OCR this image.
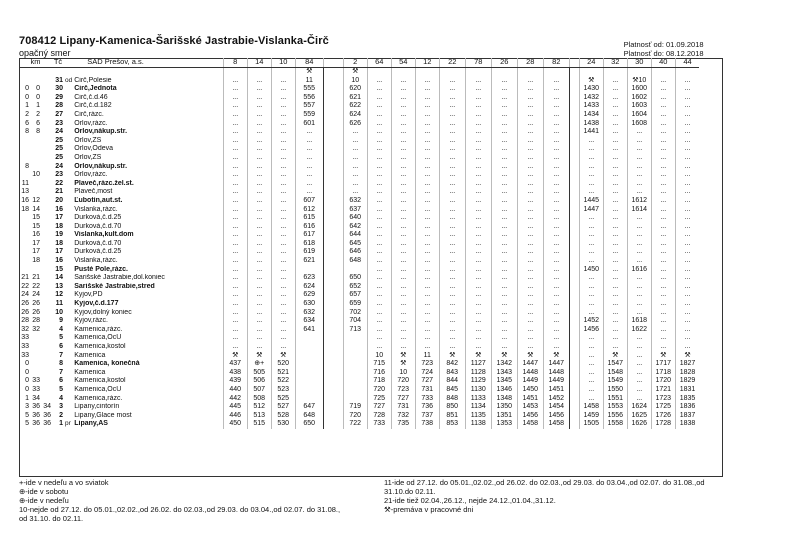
708412 Lipany-Kamenica-Šarišské Jastrabie-Vislanka-Čirč
opačný smer
Platnosť od: 01.09.2018
Platnosť do: 08.12.2018
km			Tč		SAD Prešov, a.s.	8	14	10	84		2	64	54	12	22	78	26	28	82		24	32	30	40	44
									⚒		⚒														
			31	od	Čirč,Polesie	...	...	...	11		10	...	...	...	...	...	...	...	...		⚒	...	⚒10	...	...
0	0		30		Čirč,Jednota	...	...	...	555		620	...	...	...	...	...	...	...	...		1430	...	1600	...	...
0	0		29		Čirč,č.d.46	...	...	...	556		621	...	...	...	...	...	...	...	...		1432	...	1602	...	...
1	1		28		Čirč,č.d.182	...	...	...	557		622	...	...	...	...	...	...	...	...		1433	...	1603	...	...
2	2		27		Čirč,rázc.	...	...	...	559		624	...	...	...	...	...	...	...	...		1434	...	1604	...	...
6	6		23		Orlov,rázc.	...	...	...	601		626	...	...	...	...	...	...	...	...		1438	...	1608	...	...
8	8		24		Orlov,nákup.str.	...	...	...	...		...	...	...	...	...	...	...	...	...		1441	...	...	...	...
			25		Orlov,ZŠ	...	...	...	...		...	...	...	...	...	...	...	...	...		...	...	...	...	...
			25		Orlov,Odeva	...	...	...	...		...	...	...	...	...	...	...	...	...		...	...	...	...	...
			25		Orlov,ZŠ	...	...	...	...		...	...	...	...	...	...	...	...	...		...	...	...	...	...
8			24		Orlov,nákup.str.	...	...	...	...		...	...	...	...	...	...	...	...	...		...	...	...	...	...
	10		23		Orlov,rázc.	...	...	...	...		...	...	...	...	...	...	...	...	...		...	...	...	...	...
11			22		Plaveč,rázc.žel.st.	...	...	...	...		...	...	...	...	...	...	...	...	...		...	...	...	...	...
13			21		Plaveč,most	...	...	...	...		...	...	...	...	...	...	...	...	...		...	...	...	...	...
16	12		20		Ľubotín,aut.st.	...	...	...	607		632	...	...	...	...	...	...	...	...		1445	...	1612	...	...
18	14		16		Vislanka,rázc.	...	...	...	612		637	...	...	...	...	...	...	...	...		1447	...	1614	...	...
	15		17		Ďurková,č.d.25	...	...	...	615		640	...	...	...	...	...	...	...	...		...	...	...	...	...
	15		18		Ďurková,č.d.70	...	...	...	616		642	...	...	...	...	...	...	...	...		...	...	...	...	...
	16		19		Vislanka,kult.dom	...	...	...	617		644	...	...	...	...	...	...	...	...		...	...	...	...	...
	17		18		Ďurková,č.d.70	...	...	...	618		645	...	...	...	...	...	...	...	...		...	...	...	...	...
	17		17		Ďurková,č.d.25	...	...	...	619		646	...	...	...	...	...	...	...	...		...	...	...	...	...
	18		16		Vislanka,rázc.	...	...	...	621		648	...	...	...	...	...	...	...	...		...	...	...	...	...
			15		Pusté Pole,rázc.	...	...	...				...	...	...	...	...	...	...	...		1450	...	1616	...	...
21	21		14		Šarišské Jastrabie,dol.koniec	...	...	...	623		650	...	...	...	...	...	...	...	...		...	...	...	...	...
22	22		13		Šarišské Jastrabie,stred	...	...	...	624		652	...	...	...	...	...	...	...	...		...	...	...	...	...
24	24		12		Kyjov,PD	...	...	...	629		657	...	...	...	...	...	...	...	...		...	...	...	...	...
26	26		11		Kyjov,č.d.177	...	...	...	630		659	...	...	...	...	...	...	...	...		...	...	...	...	...
26	26		10		Kyjov,dolný koniec	...	...	...	632		702	...	...	...	...	...	...	...	...		...	...	...	...	...
28	28		9		Kyjov,rázc.	...	...	...	634		704	...	...	...	...	...	...	...	...		1452	...	1618	...	...
32	32		4		Kamenica,rázc.	...	...	...	641		713	...	...	...	...	...	...	...	...		1456	...	1622	...	...
33			5		Kamenica,OcÚ	...	...	...				...	...	...	...	...	...	...	...		...	...	...	...	...
33			6		Kamenica,kostol	...	...	...				...	...	...	...	...	...	...	...		...	...	...	...	...
33			7		Kamenica	⚒	⚒	⚒				10	⚒	11	⚒	⚒	⚒	⚒	⚒		...	⚒	...	⚒	⚒
0			8		Kamenica, konečná	437	⊕+	520				715	⚒	723	842	1127	1342	1447	1447		...	1547	...	1717	1827
0			7		Kamenica	438	505	521				716	10	724	843	1128	1343	1448	1448		...	1548	...	1718	1828
0	33		6		Kamenica,kostol	439	506	522				718	720	727	844	1129	1345	1449	1449		...	1549	...	1720	1829
0	33		5		Kamenica,OcÚ	440	507	523				720	723	731	845	1130	1346	1450	1451		...	1550	...	1721	1831
1	34		4		Kamenica,rázc.	442	508	525				725	727	733	848	1133	1348	1451	1452		...	1551	...	1723	1835
3	36	34	3		Lipany,cintorín	445	512	527	647		719	727	731	736	850	1134	1350	1453	1454		1458	1553	1624	1725	1836
5	36	36	2		Lipany,Glace most	446	513	528	648		720	728	732	737	851	1135	1351	1456	1456		1459	1556	1625	1726	1837
5	36	36	1	pr	Lipany,AS	450	515	530	650		722	733	735	738	853	1138	1353	1458	1458		1505	1558	1626	1728	1838
+-ide v nedeľu a vo sviatok
⊕-ide v sobotu
⊕-ide v nedeľu
10-nejde od 27.12. do 05.01.,02.02.,od 26.02. do 02.03.,od 29.03. do 03.04.,od 02.07. do 31.08., od 31.10. do 02.11.
11-ide od 27.12. do 05.01.,02.02.,od 26.02. do 02.03.,od 29.03. do 03.04.,od 02.07. do 31.08.,od 31.10.do 02.11.
21-ide tiež 02.04.,26.12., nejde 24.12.,01.04.,31.12.
⚒-premáva v pracovné dni
